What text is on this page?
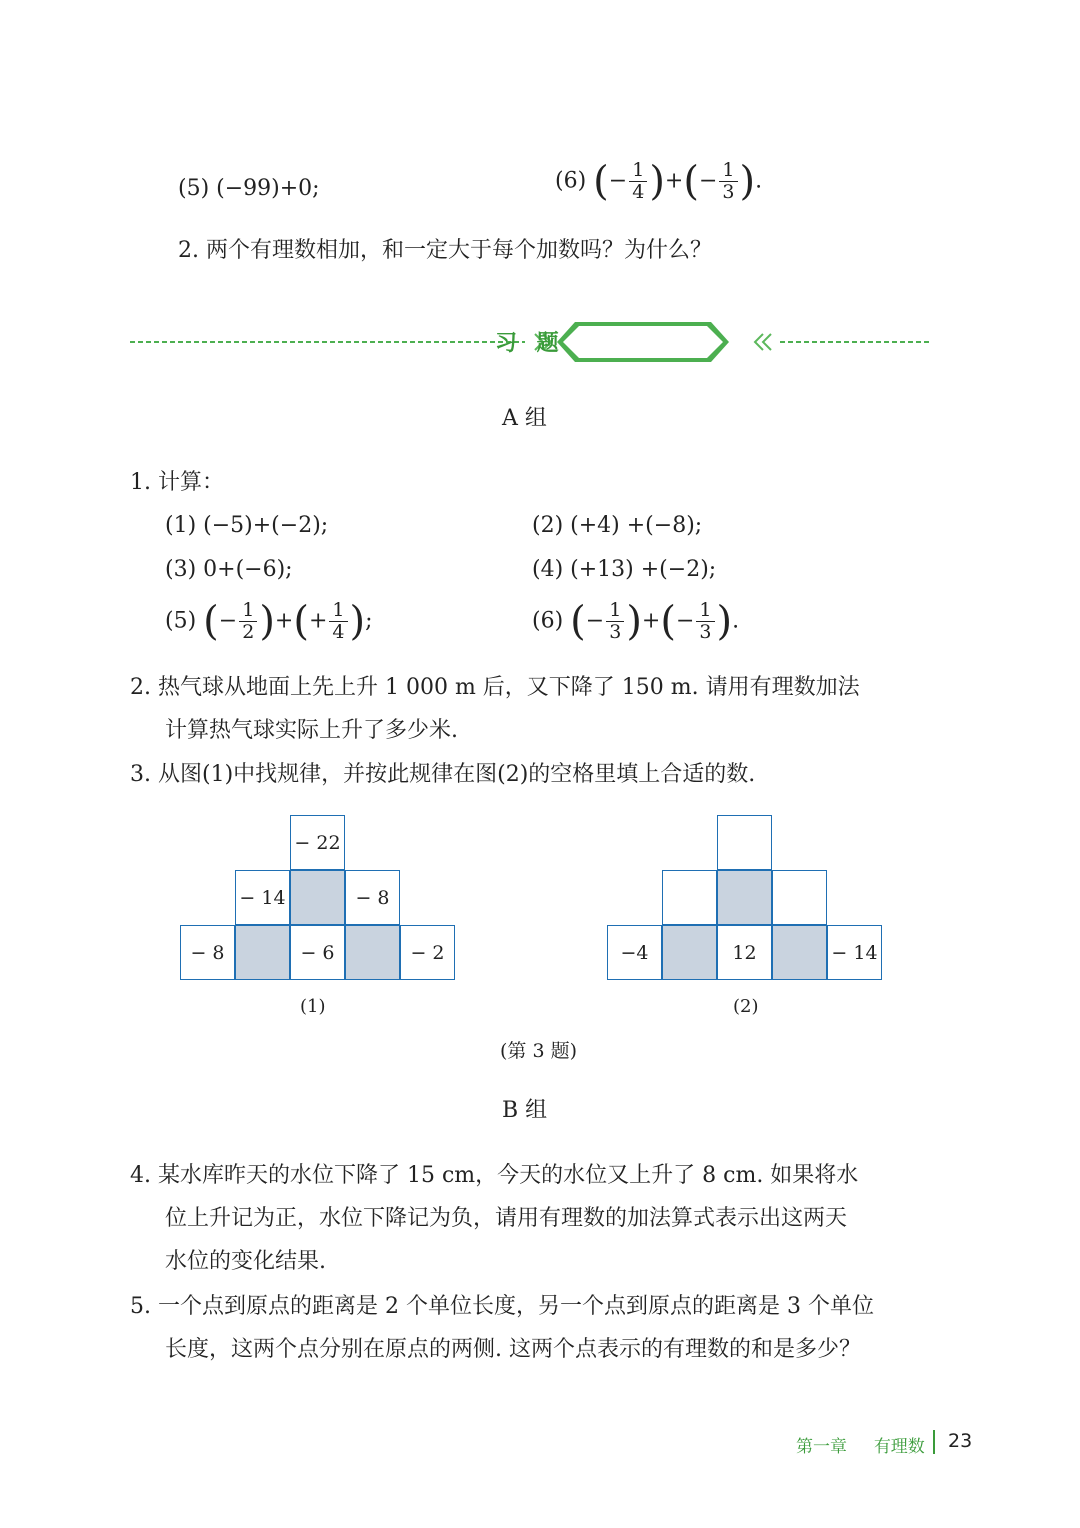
(5) (−99)+0;	(6) (− $\frac{1}{4}$ )+(− $\frac{1}{3}$ ).
2. 两个有理数相加，和一定大于每个加数吗？为什么？
习 题
A 组
1. 计算：
(1) (−5)+(−2);	(2) (+4) +(−8);
(3) 0+(−6);	(4) (+13) +(−2);
(5) (− $\frac{1}{2}$ )+(+ $\frac{1}{4}$ );	(6) (− $\frac{1}{3}$ )+(− $\frac{1}{3}$ ).
2. 热气球从地面上先上升 1 000 m 后，又下降了 150 m. 请用有理数加法
计算热气球实际上升了多少米.
3. 从图(1)中找规律，并按此规律在图(2)的空格里填上合适的数.
− 22
− 14	− 8
− 8	− 6	− 2
(1)
−4	12	− 14
(2)
(第 3 题)
B 组
4. 某水库昨天的水位下降了 15 cm，今天的水位又上升了 8 cm. 如果将水
位上升记为正，水位下降记为负，请用有理数的加法算式表示出这两天
水位的变化结果.
5. 一个点到原点的距离是 2 个单位长度，另一个点到原点的距离是 3 个单位
长度，这两个点分别在原点的两侧. 这两个点表示的有理数的和是多少？
第一章 有理数 23
